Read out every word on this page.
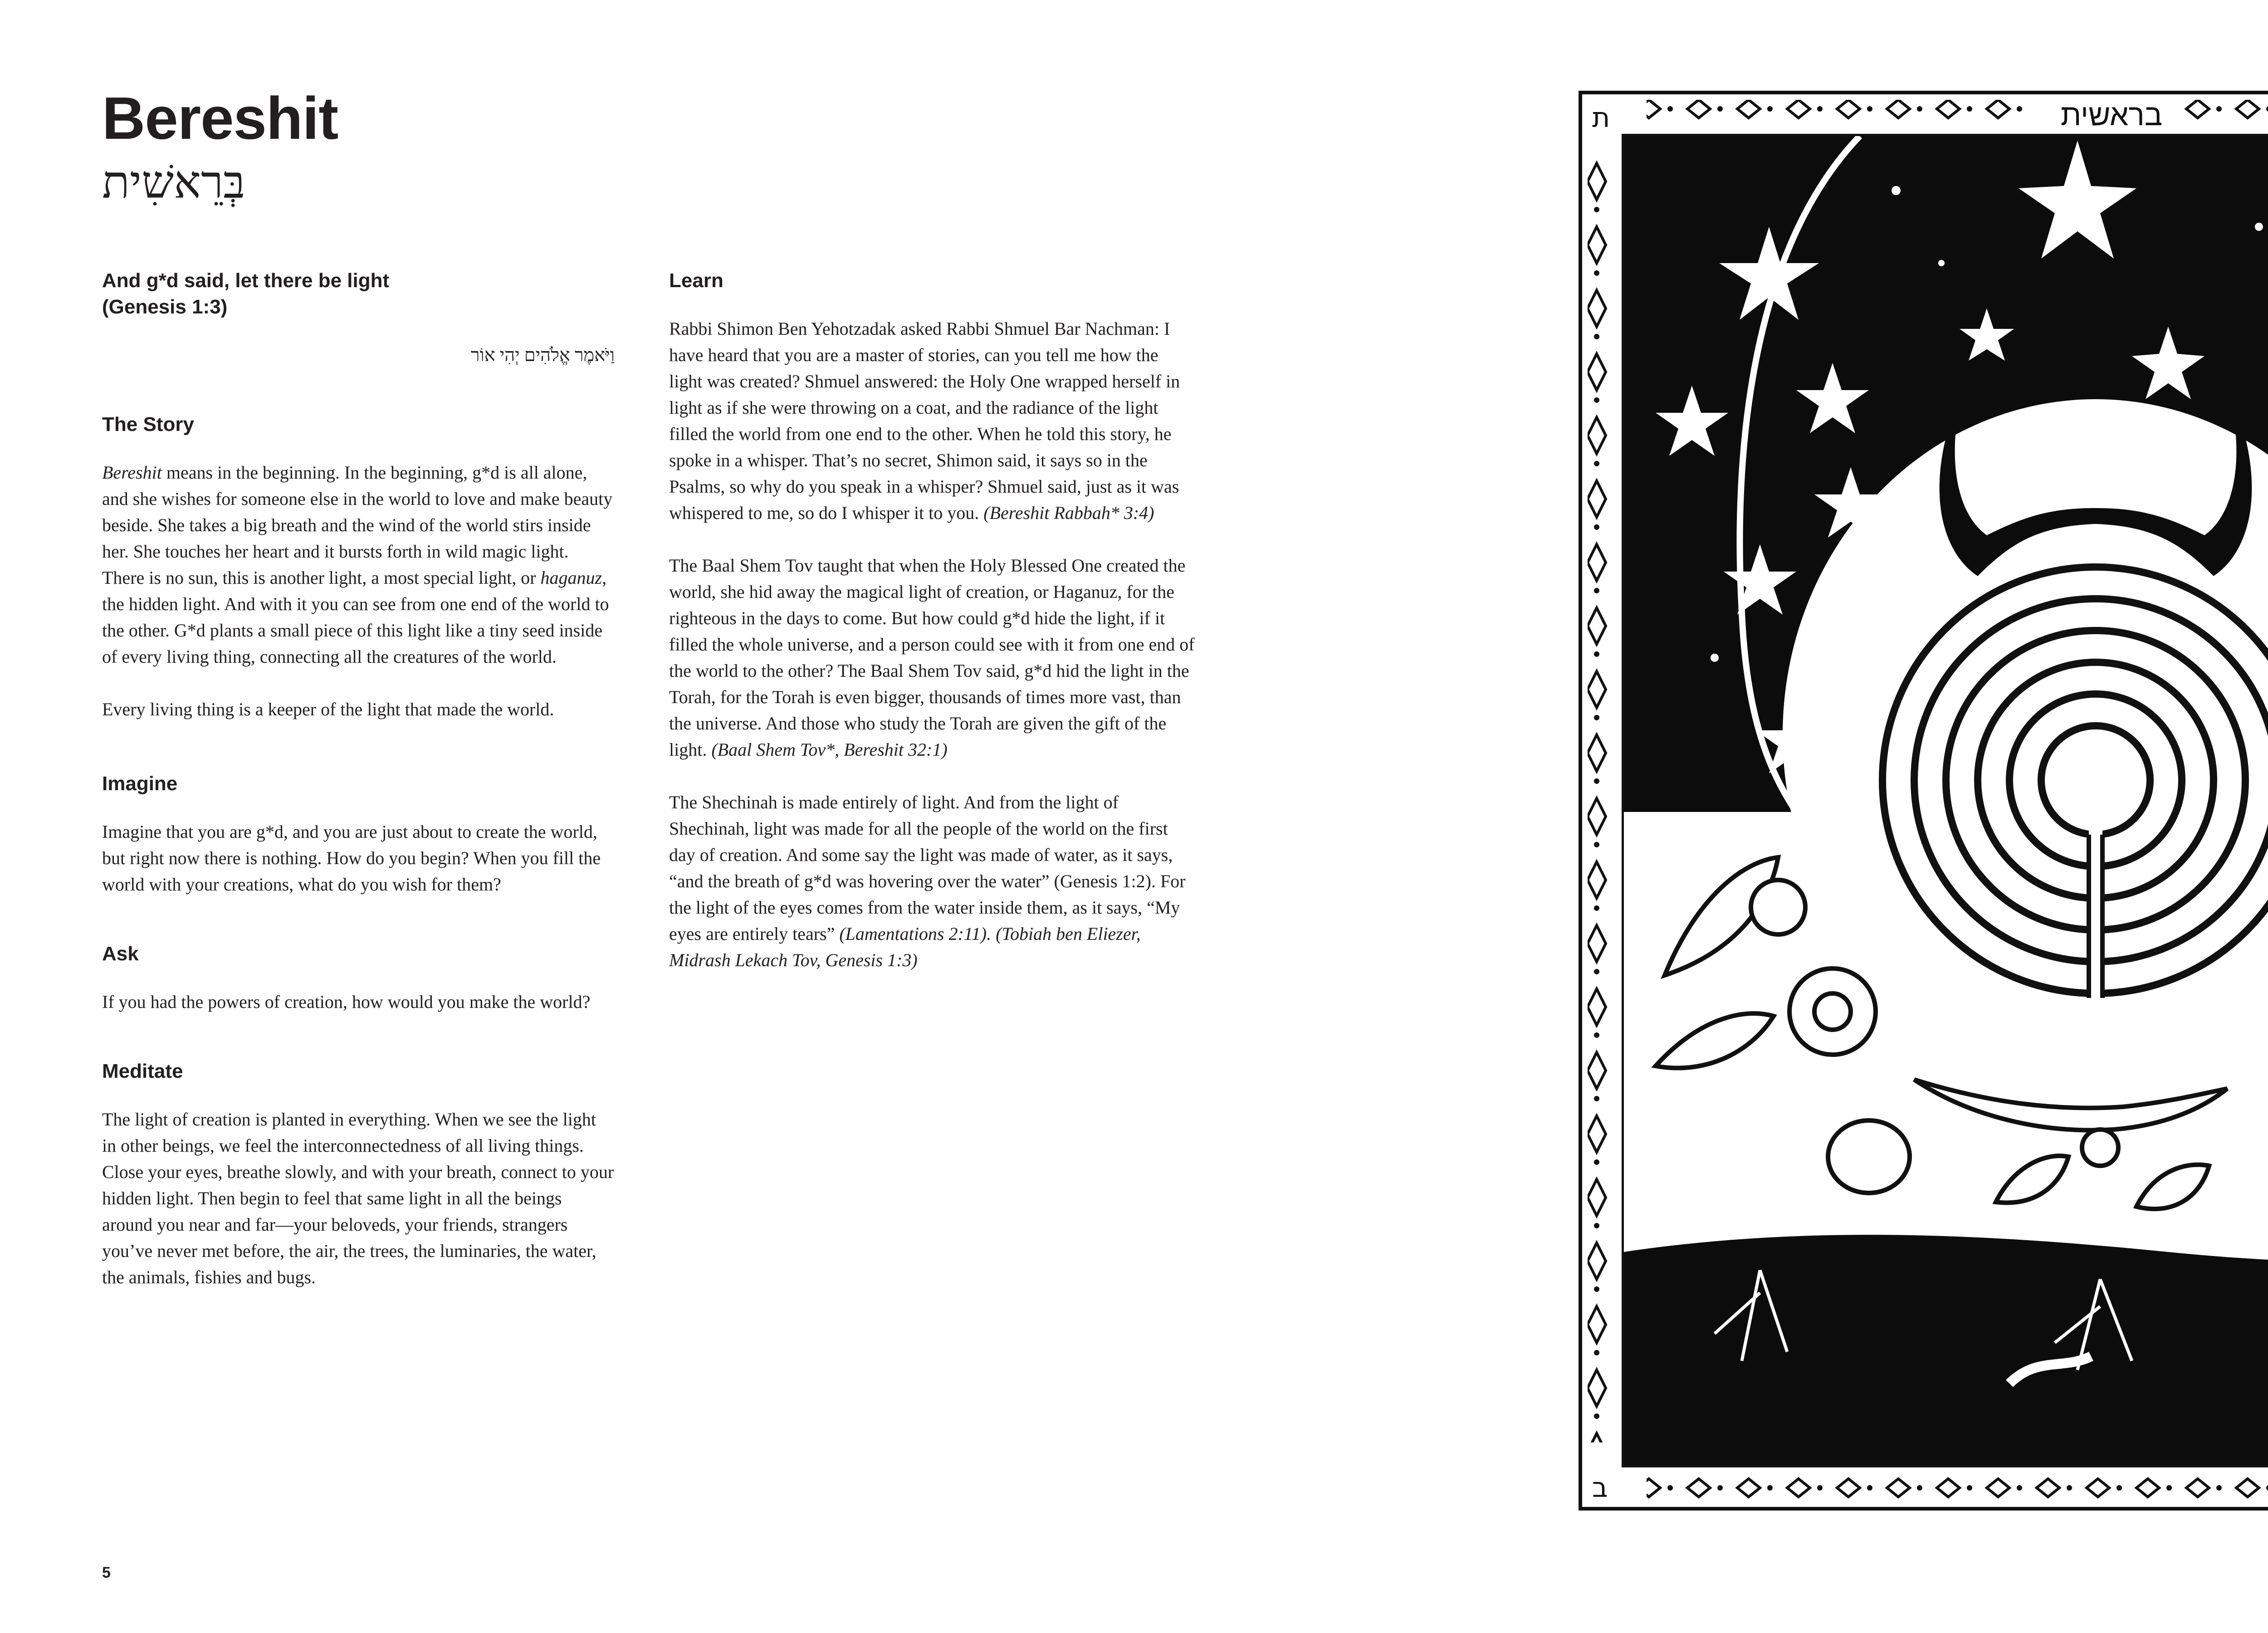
Bereshit
בְּרֵאשִׁית

And g*d said, let there be light

(Genesis 1:3)

וַיֹּאמֶר אֱלֹהִים יְהִי אוֹר

The Story

Bereshit means in the beginning. In the beginning, g*d is all alone, and she wishes for someone else in the world to love and make beauty beside. She takes a big breath and the wind of the world stirs inside her. She touches her heart and it bursts forth in wild magic light. There is no sun, this is another light, a most special light, or haganuz, the hidden light. And with it you can see from one end of the world to the other. G*d plants a small piece of this light like a tiny seed inside of every living thing, connecting all the creatures of the world.

Every living thing is a keeper of the light that made the world.

Imagine

Imagine that you are g*d, and you are just about to create the world, but right now there is nothing. How do you begin? When you fill the world with your creations, what do you wish for them?

Ask

If you had the powers of creation, how would you make the world?

Meditate

The light of creation is planted in everything. When we see the light in other beings, we feel the interconnectedness of all living things. Close your eyes, breathe slowly, and with your breath, connect to your hidden light. Then begin to feel that same light in all the beings around you near and far—your beloveds, your friends, strangers you’ve never met before, the air, the trees, the luminaries, the water, the animals, fishies and bugs.

Learn

Rabbi Shimon Ben Yehotzadak asked Rabbi Shmuel Bar Nachman: I have heard that you are a master of stories, can you tell me how the light was created? Shmuel answered: the Holy One wrapped herself in light as if she were throwing on a coat, and the radiance of the light filled the world from one end to the other. When he told this story, he spoke in a whisper. That’s no secret, Shimon said, it says so in the Psalms, so why do you speak in a whisper? Shmuel said, just as it was whispered to me, so do I whisper it to you. (Bereshit Rabbah* 3:4)

The Baal Shem Tov taught that when the Holy Blessed One created the world, she hid away the magical light of creation, or Haganuz, for the righteous in the days to come. But how could g*d hide the light, if it filled the whole universe, and a person could see with it from one end of the world to the other? The Baal Shem Tov said, g*d hid the light in the Torah, for the Torah is even bigger, thousands of times more vast, than the universe. And those who study the Torah are given the gift of the light. (Baal Shem Tov*, Bereshit 32:1)

The Shechinah is made entirely of light. And from the light of Shechinah, light was made for all the people of the world on the first day of creation. And some say the light was made of water, as it says, “and the breath of g*d was hovering over the water” (Genesis 1:2). For the light of the eyes comes from the water inside them, as it says, “My eyes are entirely tears” (Lamentations 2:11). (Tobiah ben Eliezer, Midrash Lekach Tov, Genesis 1:3)

5
ת
ב
בראשית
